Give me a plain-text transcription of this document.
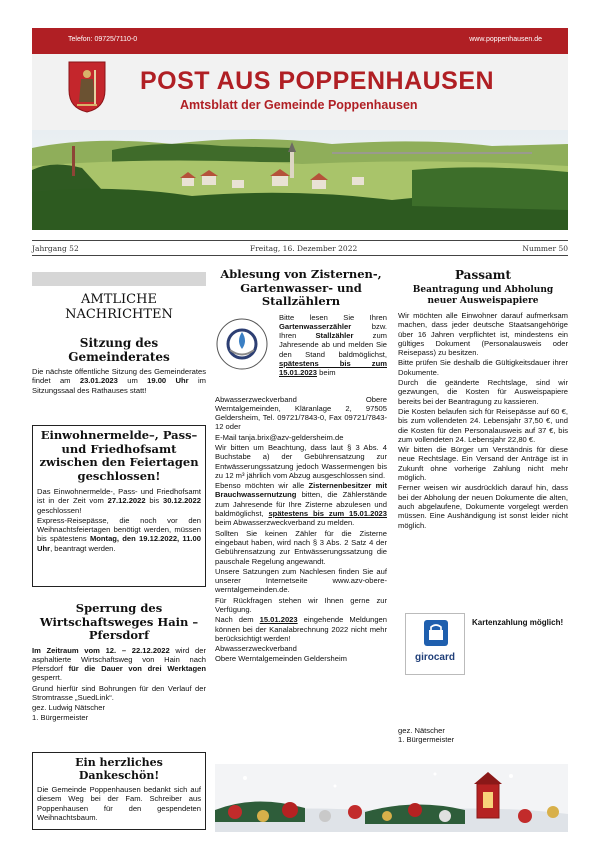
Telefon: 09725/7110-0	www.poppenhausen.de
POST AUS POPPENHAUSEN
Amtsblatt der Gemeinde Poppenhausen
Jahrgang 52	Freitag, 16. Dezember 2022	Nummer 50
AMTLICHE NACHRICHTEN
Sitzung des Gemeinderates

Die nächste öffentliche Sitzung des Gemeinderates findet am 23.01.2023 um 19.00 Uhr im Sitzungssaal des Rathauses statt!

Einwohnermelde–, Pass– und Friedhofsamt zwischen den Feiertagen geschlossen!

Das Einwohnermelde-, Pass- und Friedhofsamt ist in der Zeit vom 27.12.2022 bis 30.12.2022 geschlossen!

Express-Reisepässe, die noch vor den Weihnachtsfeiertagen benötigt werden, müssen bis spätestens Montag, den 19.12.2022, 11.00 Uhr, beantragt werden.

Sperrung des Wirtschaftsweges Hain – Pfersdorf

Im Zeitraum vom 12. – 22.12.2022 wird der asphaltierte Wirtschaftsweg von Hain nach Pfersdorf für die Dauer von drei Werktagen gesperrt.

Grund hierfür sind Bohrungen für den Verlauf der Stromtrasse „SuedLink“.

gez. Ludwig Nätscher
1. Bürgermeister
Ein herzliches Dankeschön!

Die Gemeinde Poppenhausen bedankt sich auf diesem Weg bei der Fam. Schreiber aus Poppenhausen für den gespendeten Weihnachtsbaum.

Ablesung von Zisternen-, Gartenwasser- und Stallzählern

Bitte lesen Sie Ihren Gartenwasserzähler bzw. Ihren Stallzähler zum Jahresende ab und melden Sie den Stand baldmöglichst, spätestens bis zum 15.01.2023 beim

Abwasserzweckverband Obere Werntalgemeinden, Kläranlage 2, 97505 Geldersheim, Tel. 09721/7843-0, Fax 09721/7843-12 oder

E-Mail tanja.brix@azv-geldersheim.de

Wir bitten um Beachtung, dass laut § 3 Abs. 4 Buchstabe a) der Gebührensatzung zur Entwässerungssatzung jedoch Wassermengen bis zu 12 m³ jährlich vom Abzug ausgeschlossen sind.

Ebenso möchten wir alle Zisternenbesitzer mit Brauchwassernutzung bitten, die Zählerstände zum Jahresende für Ihre Zisterne abzulesen und baldmöglichst, spätestens bis zum 15.01.2023 beim Abwasserzweckverband zu melden.

Sollten Sie keinen Zähler für die Zisterne eingebaut haben, wird nach § 3 Abs. 2 Satz 4 der Gebührensatzung zur Entwässerungssatzung die pauschale Regelung angewandt.

Unsere Satzungen zum Nachlesen finden Sie auf unserer Internetseite www.azv-obere-werntalgemeinden.de.

Für Rückfragen stehen wir Ihnen gerne zur Verfügung.

Nach dem 15.01.2023 eingehende Meldungen können bei der Kanalabrechnung 2022 nicht mehr berücksichtigt werden!

Abwasserzweckverband
Obere Werntalgemeinden Geldersheim
Passamt
Beantragung und Abholung neuer Ausweispapiere

Wir möchten alle Einwohner darauf aufmerksam machen, dass jeder deutsche Staatsangehörige über 16 Jahren verpflichtet ist, mindestens ein gültiges Dokument (Personalausweis oder Reisepass) zu besitzen.

Bitte prüfen Sie deshalb die Gültigkeitsdauer ihrer Dokumente.

Durch die geänderte Rechtslage, sind wir gezwungen, die Kosten für Ausweispapiere bereits bei der Beantragung zu kassieren.

Die Kosten belaufen sich für Reisepässe auf 60 €, bis zum vollendeten 24. Lebensjahr 37,50 €, und die Kosten für den Personalausweis auf 37 €, bis zum vollendeten 24. Lebensjahr 22,80 €.

Wir bitten die Bürger um Verständnis für diese neue Rechtslage. Ein Versand der Anträge ist in Zukunft ohne vorherige Zahlung nicht mehr möglich.

Ferner weisen wir ausdrücklich darauf hin, dass bei der Abholung der neuen Dokumente die alten, auch abgelaufene, Dokumente vorgelegt werden müssen. Eine Aushändigung ist sonst leider nicht möglich.

girocard
Kartenzahlung möglich!
gez. Nätscher
1. Bürgermeister
